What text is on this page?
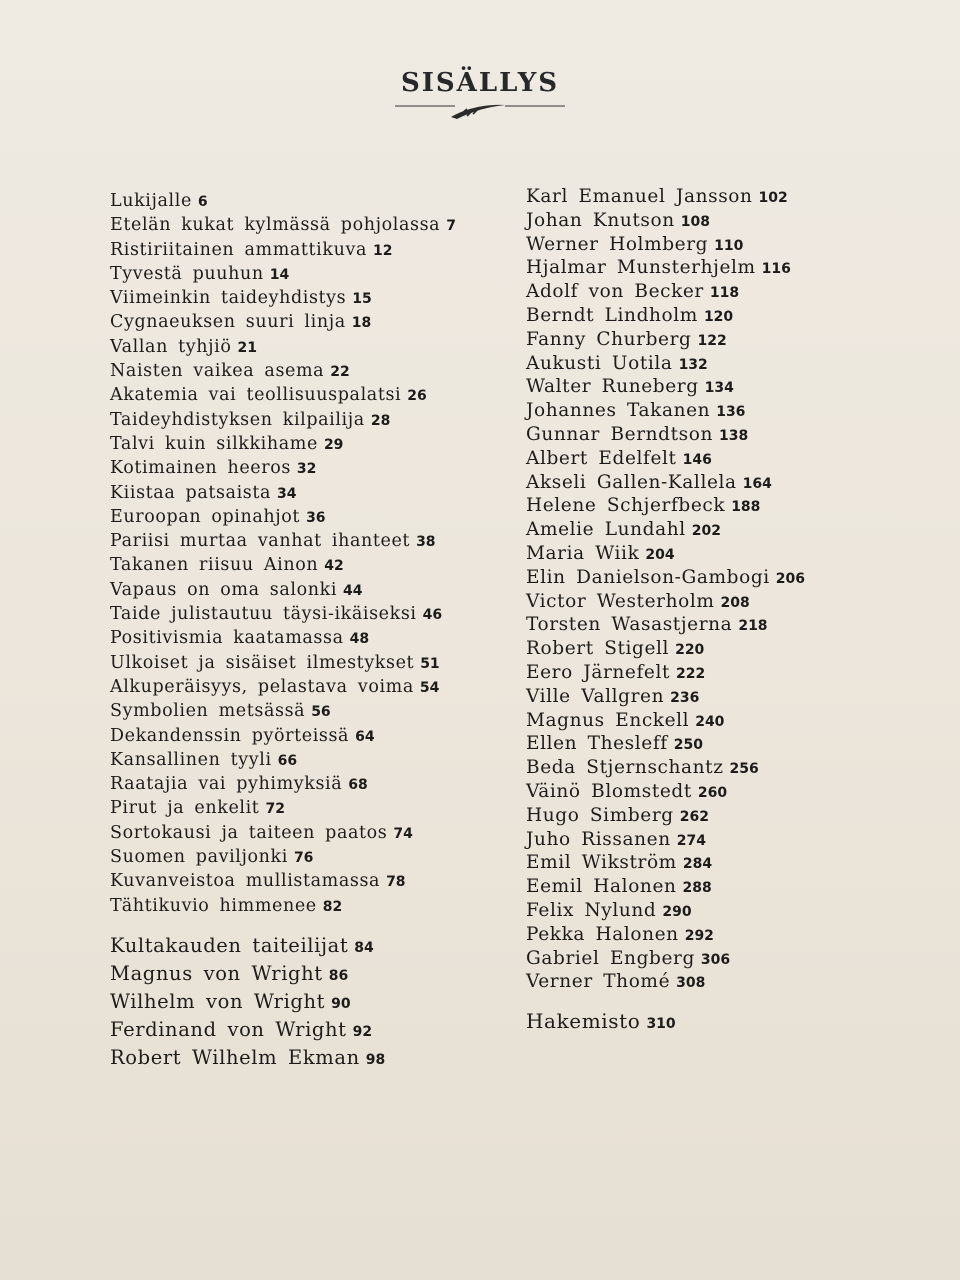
SISÄLLYS
Lukijalle 6
Etelän kukat kylmässä pohjolassa 7
Ristiriitainen ammattikuva 12
Tyvestä puuhun 14
Viimeinkin taideyhdistys 15
Cygnaeuksen suuri linja 18
Vallan tyhjiö 21
Naisten vaikea asema 22
Akatemia vai teollisuuspalatsi 26
Taideyhdistyksen kilpailija 28
Talvi kuin silkkihame 29
Kotimainen heeros 32
Kiistaa patsaista 34
Euroopan opinahjot 36
Pariisi murtaa vanhat ihanteet 38
Takanen riisuu Ainon 42
Vapaus on oma salonki 44
Taide julistautuu täysi-ikäiseksi 46
Positivismia kaatamassa 48
Ulkoiset ja sisäiset ilmestykset 51
Alkuperäisyys, pelastava voima 54
Symbolien metsässä 56
Dekandenssin pyörteissä 64
Kansallinen tyyli 66
Raatajia vai pyhimyksiä 68
Pirut ja enkelit 72
Sortokausi ja taiteen paatos 74
Suomen paviljonki 76
Kuvanveistoa mullistamassa 78
Tähtikuvio himmenee 82
Kultakauden taiteilijat 84
Magnus von Wright 86
Wilhelm von Wright 90
Ferdinand von Wright 92
Robert Wilhelm Ekman 98
Karl Emanuel Jansson 102
Johan Knutson 108
Werner Holmberg 110
Hjalmar Munsterhjelm 116
Adolf von Becker 118
Berndt Lindholm 120
Fanny Churberg 122
Aukusti Uotila 132
Walter Runeberg 134
Johannes Takanen 136
Gunnar Berndtson 138
Albert Edelfelt 146
Akseli Gallen-Kallela 164
Helene Schjerfbeck 188
Amelie Lundahl 202
Maria Wiik 204
Elin Danielson-Gambogi 206
Victor Westerholm 208
Torsten Wasastjerna 218
Robert Stigell 220
Eero Järnefelt 222
Ville Vallgren 236
Magnus Enckell 240
Ellen Thesleff 250
Beda Stjernschantz 256
Väinö Blomstedt 260
Hugo Simberg 262
Juho Rissanen 274
Emil Wikström 284
Eemil Halonen 288
Felix Nylund 290
Pekka Halonen 292
Gabriel Engberg 306
Verner Thomé 308
Hakemisto 310
